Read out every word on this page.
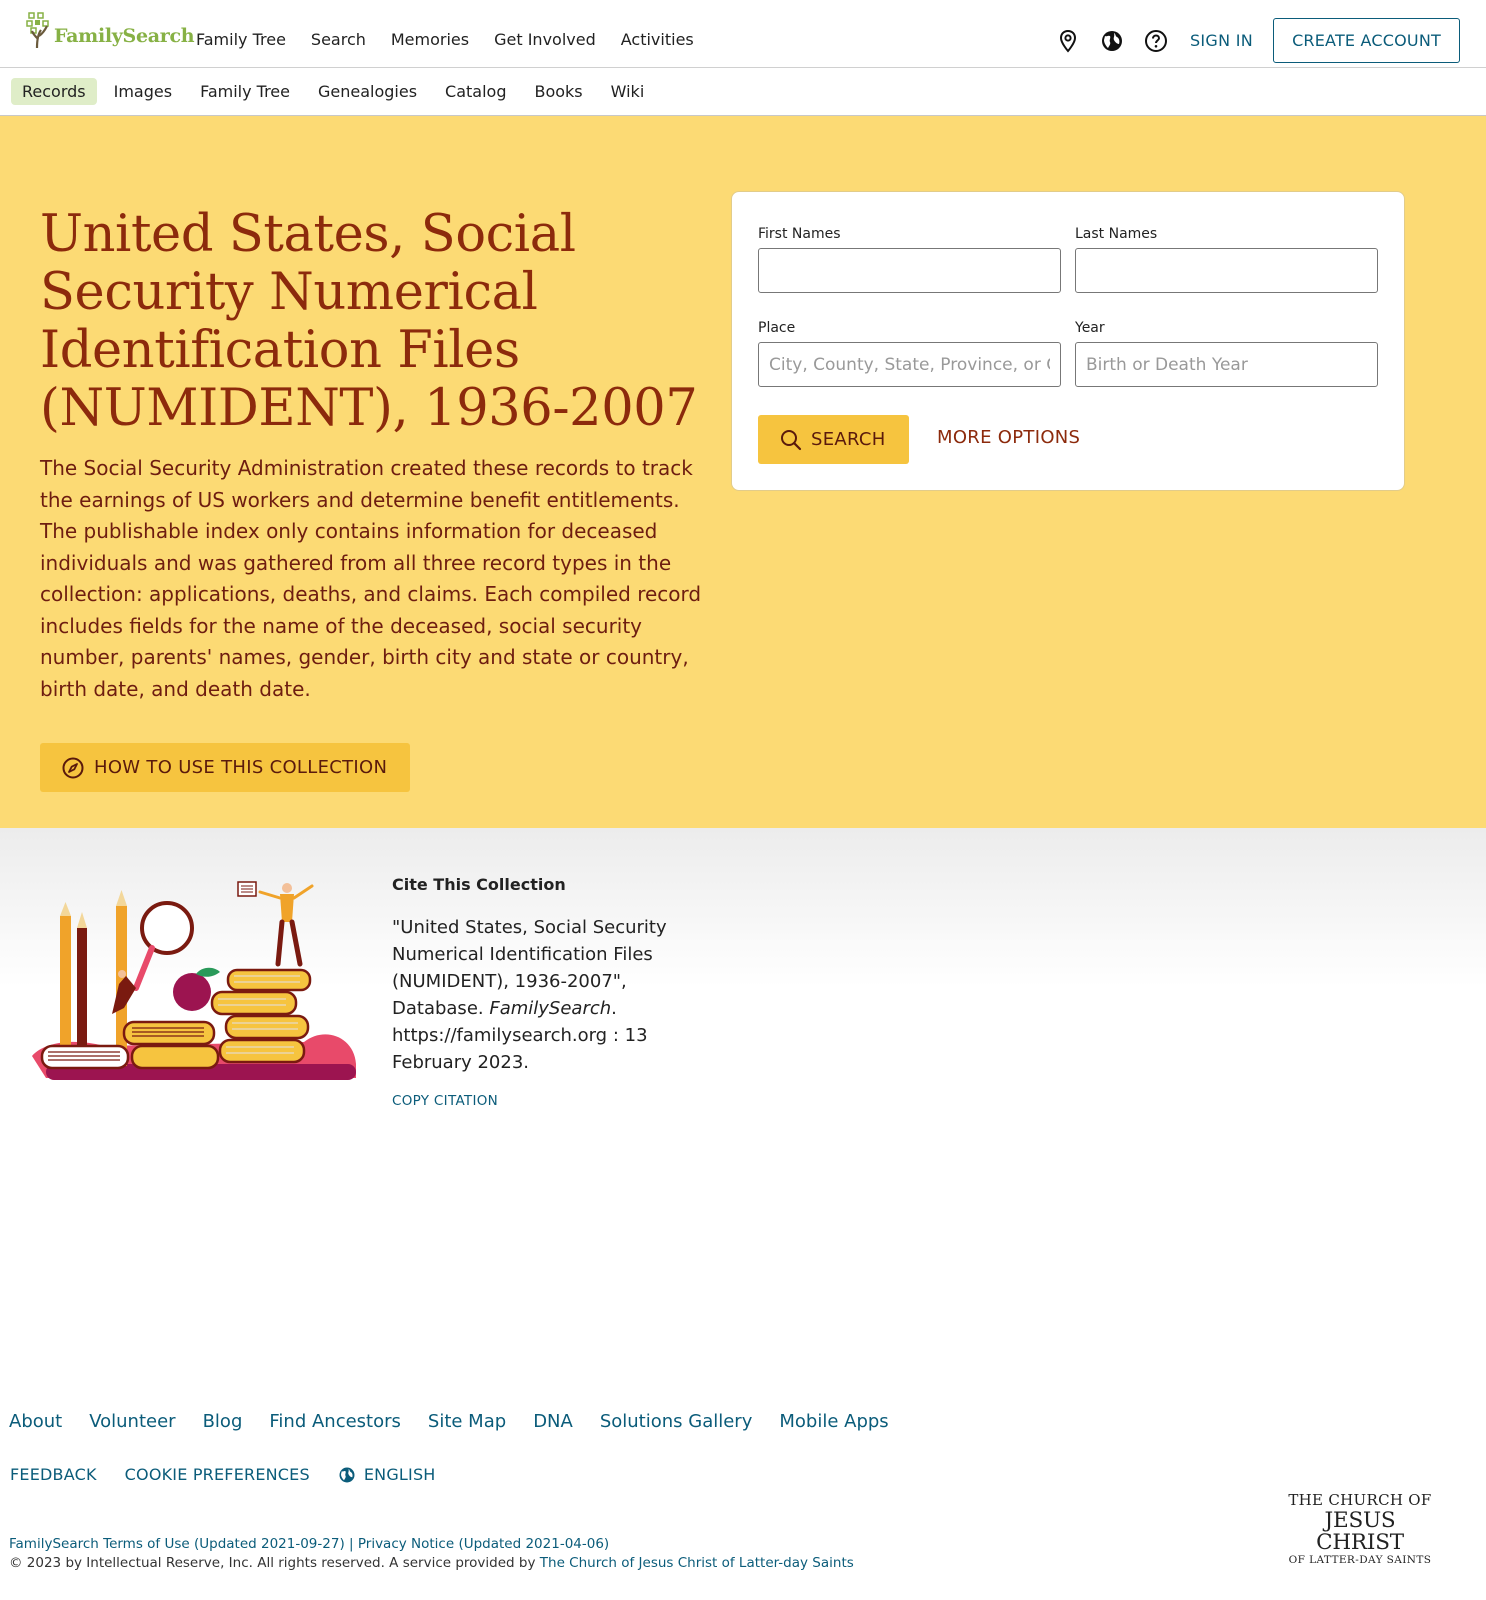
FamilySearch Family Tree Search Memories Get Involved Activities	SIGN IN	CREATE ACCOUNT
Records	Images	Family Tree	Genealogies	Catalog	Books	Wiki
United States, Social Security Numerical Identification Files (NUMIDENT), 1936-2007

The Social Security Administration created these records to track the earnings of US workers and determine benefit entitlements. The publishable index only contains information for deceased individuals and was gathered from all three record types in the collection: applications, deaths, and claims. Each compiled record includes fields for the name of the deceased, social security number, parents' names, gender, birth city and state or country, birth date, and death date.

HOW TO USE THIS COLLECTION
First Names	Last Names
Place
City, County, State, Province, or Country	Year
Birth or Death Year
SEARCH	MORE OPTIONS
Cite This Collection

"United States, Social Security Numerical Identification Files (NUMIDENT), 1936-2007", Database. FamilySearch. https://familysearch.org : 13 February 2023.

COPY CITATION
About Volunteer Blog Find Ancestors Site Map DNA Solutions Gallery Mobile Apps
FEEDBACK COOKIE PREFERENCES	ENGLISH
FamilySearch Terms of Use (Updated 2021-09-27) | Privacy Notice (Updated 2021-04-06)
© 2023 by Intellectual Reserve, Inc. All rights reserved. A service provided by The Church of Jesus Christ of Latter-day Saints
THE CHURCH OF
JESUS CHRIST
OF LATTER-DAY SAINTS
